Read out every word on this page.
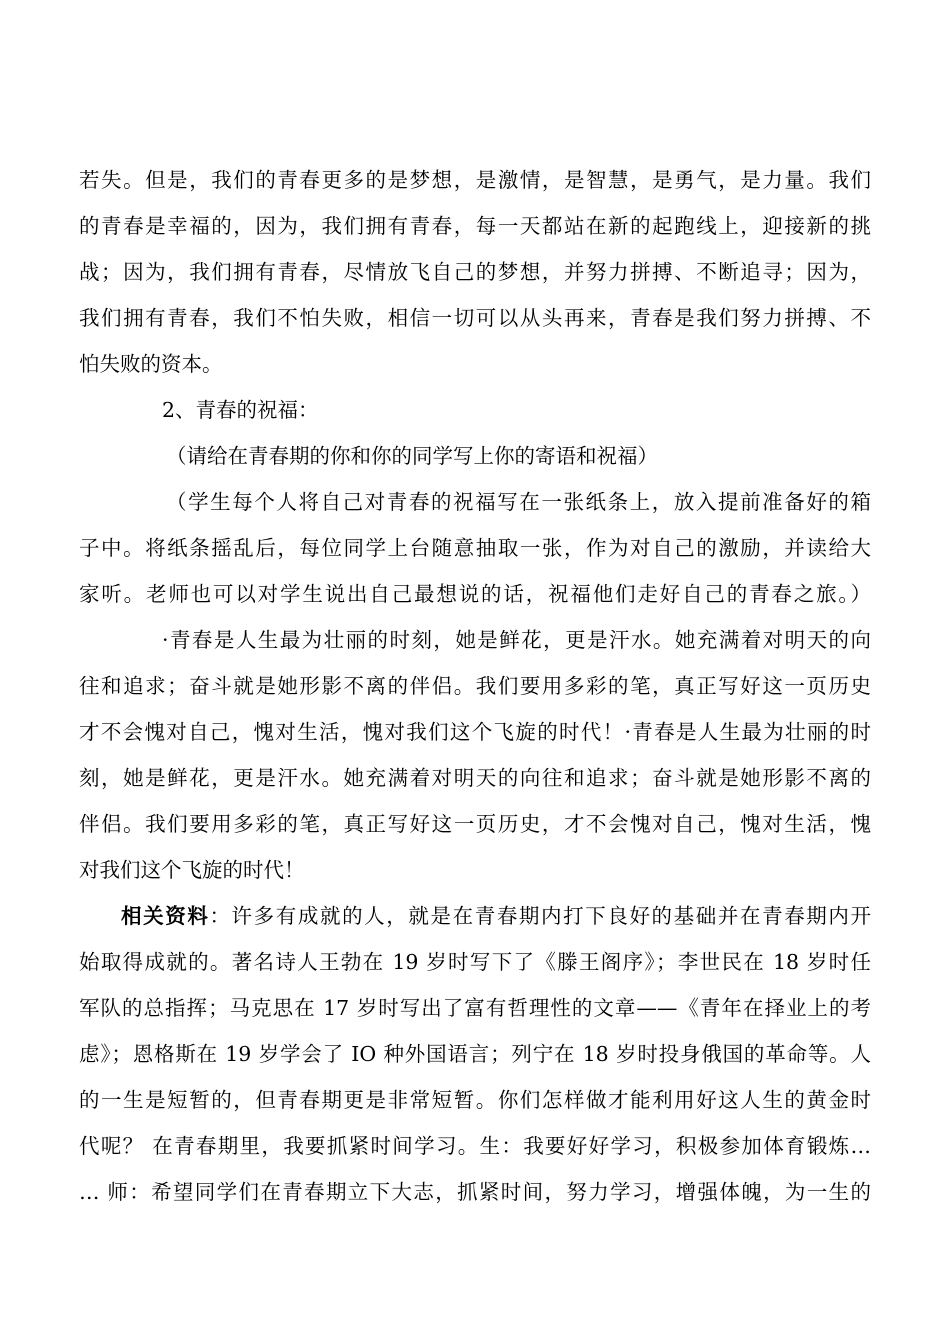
若失。但是，我们的青春更多的是梦想，是激情，是智慧，是勇气，是力量。我们
的青春是幸福的，因为，我们拥有青春，每一天都站在新的起跑线上，迎接新的挑
战；因为，我们拥有青春，尽情放飞自己的梦想，并努力拼搏、不断追寻；因为，
我们拥有青春，我们不怕失败，相信一切可以从头再来，青春是我们努力拼搏、不
怕失败的资本。
2、青春的祝福：
（请给在青春期的你和你的同学写上你的寄语和祝福）
（学生每个人将自己对青春的祝福写在一张纸条上，放入提前准备好的箱
子中。将纸条摇乱后，每位同学上台随意抽取一张，作为对自己的激励，并读给大
家听。老师也可以对学生说出自己最想说的话，祝福他们走好自己的青春之旅。）
·青春是人生最为壮丽的时刻，她是鲜花，更是汗水。她充满着对明天的向
往和追求；奋斗就是她形影不离的伴侣。我们要用多彩的笔，真正写好这一页历史
才不会愧对自己，愧对生活，愧对我们这个飞旋的时代！·青春是人生最为壮丽的时
刻，她是鲜花，更是汗水。她充满着对明天的向往和追求；奋斗就是她形影不离的
伴侣。我们要用多彩的笔，真正写好这一页历史，才不会愧对自己，愧对生活，愧
对我们这个飞旋的时代！
相关资料：许多有成就的人，就是在青春期内打下良好的基础并在青春期内开
始取得成就的。著名诗人王勃在 19 岁时写下了《滕王阁序》；李世民在 18 岁时任
军队的总指挥；马克思在 17 岁时写出了富有哲理性的文章——《青年在择业上的考
虑》；恩格斯在 19 岁学会了 IO 种外国语言；列宁在 18 岁时投身俄国的革命等。人
的一生是短暂的，但青春期更是非常短暂。你们怎样做才能利用好这人生的黄金时
代呢？ 在青春期里，我要抓紧时间学习。生：我要好好学习，积极参加体育锻炼…
… 师：希望同学们在青春期立下大志，抓紧时间，努力学习，增强体魄，为一生的
